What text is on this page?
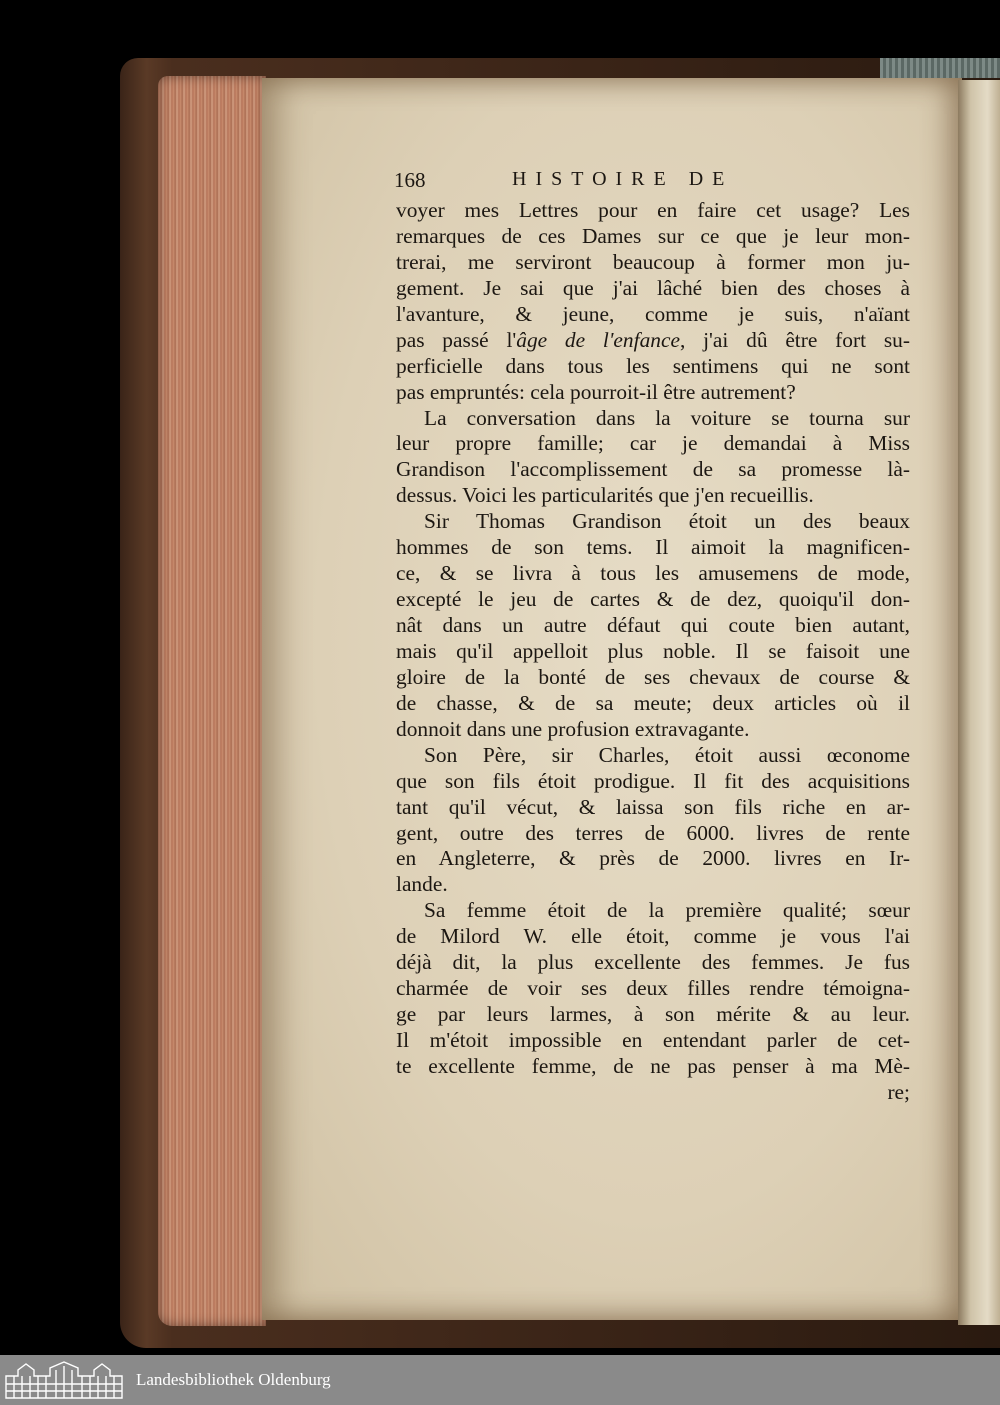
168	HISTOIRE DE
voyer mes Lettres pour en faire cet usage? Les
remarques de ces Dames sur ce que je leur mon-
trerai, me serviront beaucoup à former mon ju-
gement. Je sai que j'ai lâché bien des choses à
l'avanture, & jeune, comme je suis, n'aïant
pas passé l'âge de l'enfance, j'ai dû être fort su-
perficielle dans tous les sentimens qui ne sont
pas empruntés: cela pourroit-il être autrement?
La conversation dans la voiture se tourna sur
leur propre famille; car je demandai à Miss
Grandison l'accomplissement de sa promesse là-
dessus. Voici les particularités que j'en recueillis.
Sir Thomas Grandison étoit un des beaux
hommes de son tems. Il aimoit la magnificen-
ce, & se livra à tous les amusemens de mode,
excepté le jeu de cartes & de dez, quoiqu'il don-
nât dans un autre défaut qui coute bien autant,
mais qu'il appelloit plus noble. Il se faisoit une
gloire de la bonté de ses chevaux de course &
de chasse, & de sa meute; deux articles où il
donnoit dans une profusion extravagante.
Son Père, sir Charles, étoit aussi œconome
que son fils étoit prodigue. Il fit des acquisitions
tant qu'il vécut, & laissa son fils riche en ar-
gent, outre des terres de 6000. livres de rente
en Angleterre, & près de 2000. livres en Ir-
lande.
Sa femme étoit de la première qualité; sœur
de Milord W. elle étoit, comme je vous l'ai
déjà dit, la plus excellente des femmes. Je fus
charmée de voir ses deux filles rendre témoigna-
ge par leurs larmes, à son mérite & au leur.
Il m'étoit impossible en entendant parler de cet-
te excellente femme, de ne pas penser à ma Mè-
re;
Landesbibliothek Oldenburg
